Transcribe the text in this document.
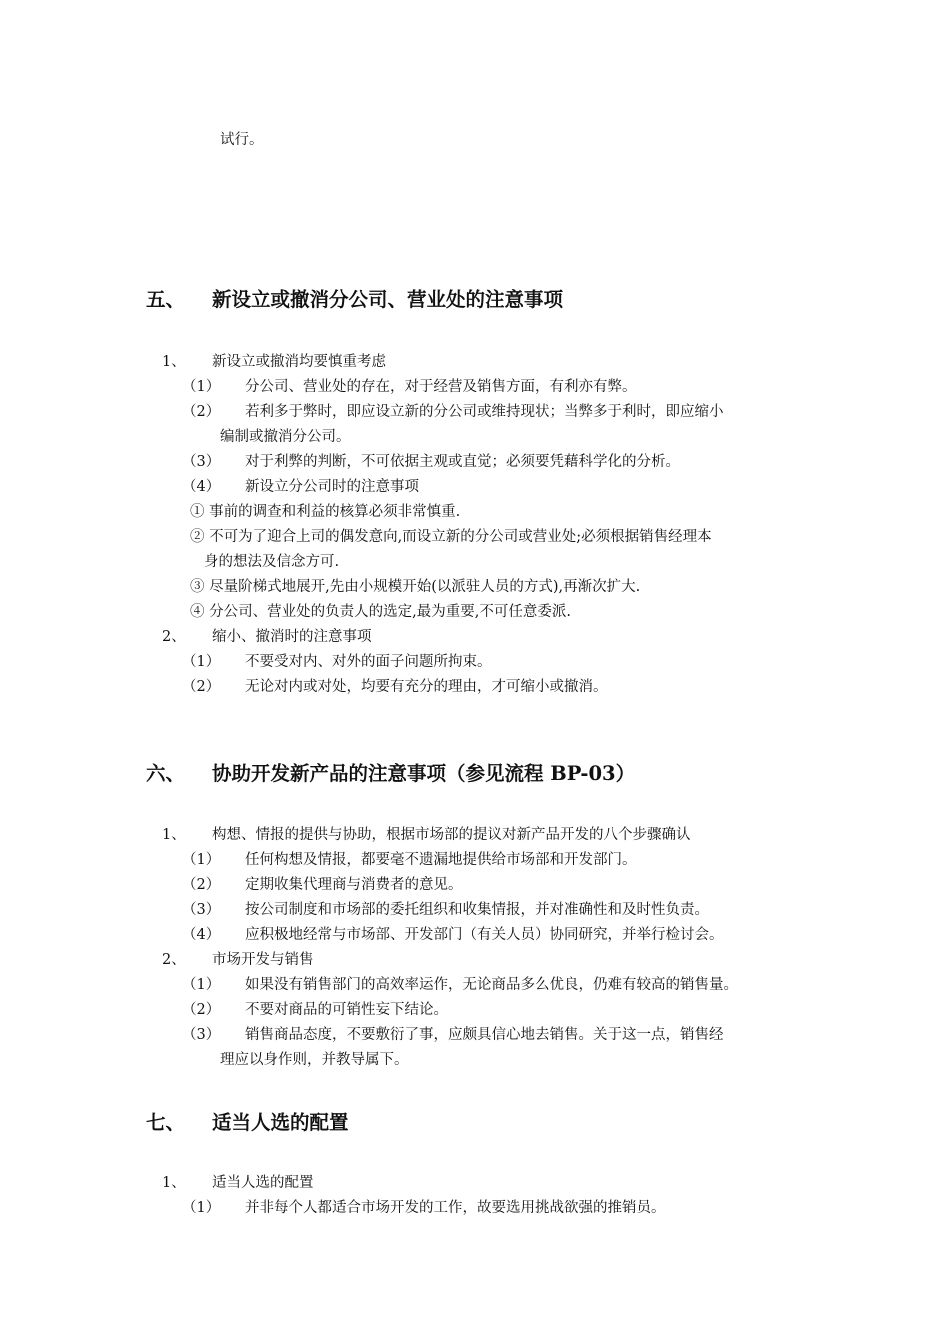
试行。
五、 新设立或撤消分公司、营业处的注意事项
1、 新设立或撤消均要慎重考虑
（1） 分公司、营业处的存在，对于经营及销售方面，有利亦有弊。
（2） 若利多于弊时，即应设立新的分公司或维持现状；当弊多于利时，即应缩小
编制或撤消分公司。
（3） 对于利弊的判断，不可依据主观或直觉；必须要凭藉科学化的分析。
（4） 新设立分公司时的注意事项
① 事前的调查和利益的核算必须非常慎重.
② 不可为了迎合上司的偶发意向,而设立新的分公司或营业处;必须根据销售经理本
身的想法及信念方可.
③ 尽量阶梯式地展开,先由小规模开始(以派驻人员的方式),再渐次扩大.
④ 分公司、营业处的负责人的选定,最为重要,不可任意委派.
2、 缩小、撤消时的注意事项
（1） 不要受对内、对外的面子问题所拘束。
（2） 无论对内或对处，均要有充分的理由，才可缩小或撤消。
六、 协助开发新产品的注意事项（参见流程 BP-03）
1、 构想、情报的提供与协助，根据市场部的提议对新产品开发的八个步骤确认
（1） 任何构想及情报，都要毫不遗漏地提供给市场部和开发部门。
（2） 定期收集代理商与消费者的意见。
（3） 按公司制度和市场部的委托组织和收集情报，并对准确性和及时性负责。
（4） 应积极地经常与市场部、开发部门（有关人员）协同研究，并举行检讨会。
2、 市场开发与销售
（1） 如果没有销售部门的高效率运作，无论商品多么优良，仍难有较高的销售量。
（2） 不要对商品的可销性妄下结论。
（3） 销售商品态度，不要敷衍了事，应颇具信心地去销售。关于这一点，销售经
理应以身作则，并教导属下。
七、 适当人选的配置
1、 适当人选的配置
（1） 并非每个人都适合市场开发的工作，故要选用挑战欲强的推销员。
